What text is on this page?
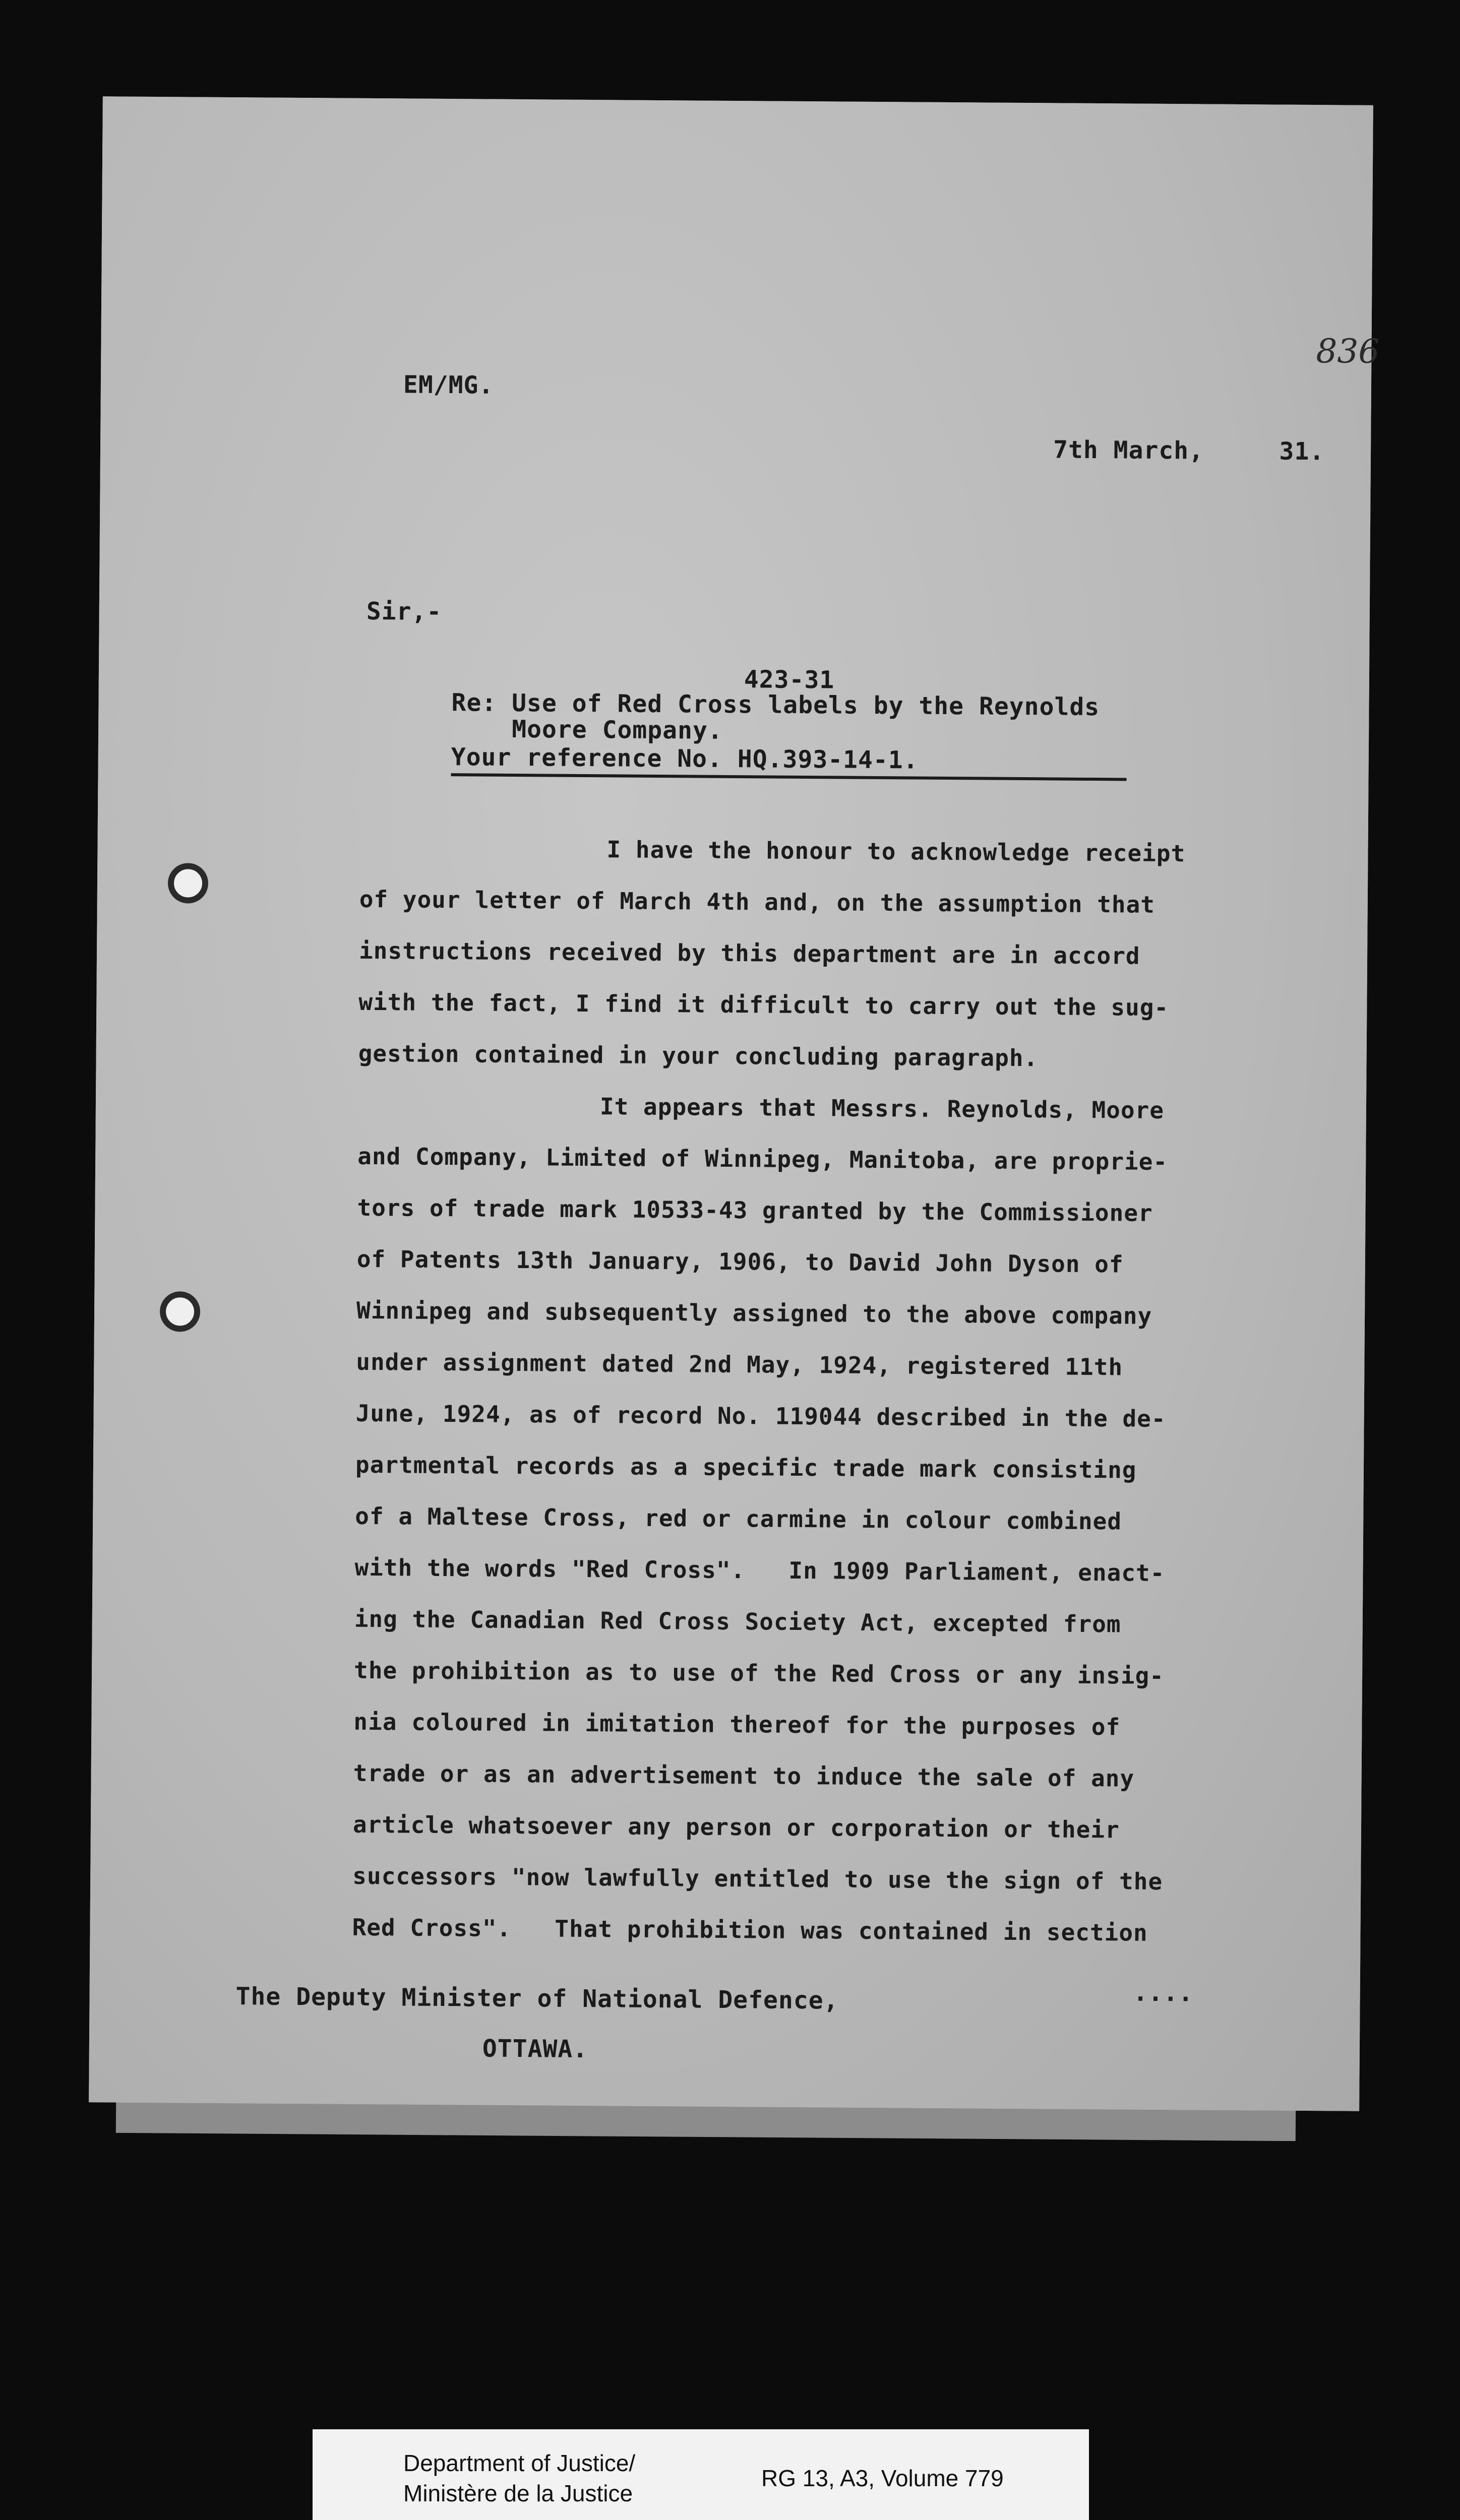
836
EM/MG.
7th March,     31.
Sir,-
423-31
Re: Use of Red Cross labels by the Reynolds
Moore Company.
Your reference No. HQ.393-14-1.
I have the honour to acknowledge receipt
of your letter of March 4th and, on the assumption that
instructions received by this department are in accord
with the fact, I find it difficult to carry out the sug-
gestion contained in your concluding paragraph.
It appears that Messrs. Reynolds, Moore
and Company, Limited of Winnipeg, Manitoba, are proprie-
tors of trade mark 10533-43 granted by the Commissioner
of Patents 13th January, 1906, to David John Dyson of
Winnipeg and subsequently assigned to the above company
under assignment dated 2nd May, 1924, registered 11th
June, 1924, as of record No. 119044 described in the de-
partmental records as a specific trade mark consisting
of a Maltese Cross, red or carmine in colour combined
with the words "Red Cross".   In 1909 Parliament, enact-
ing the Canadian Red Cross Society Act, excepted from
the prohibition as to use of the Red Cross or any insig-
nia coloured in imitation thereof for the purposes of
trade or as an advertisement to induce the sale of any
article whatsoever any person or corporation or their
successors "now lawfully entitled to use the sign of the
Red Cross".   That prohibition was contained in section
....
The Deputy Minister of National Defence,
OTTAWA.
Department of Justice/
Ministère de la Justice
RG 13, A3, Volume 779
